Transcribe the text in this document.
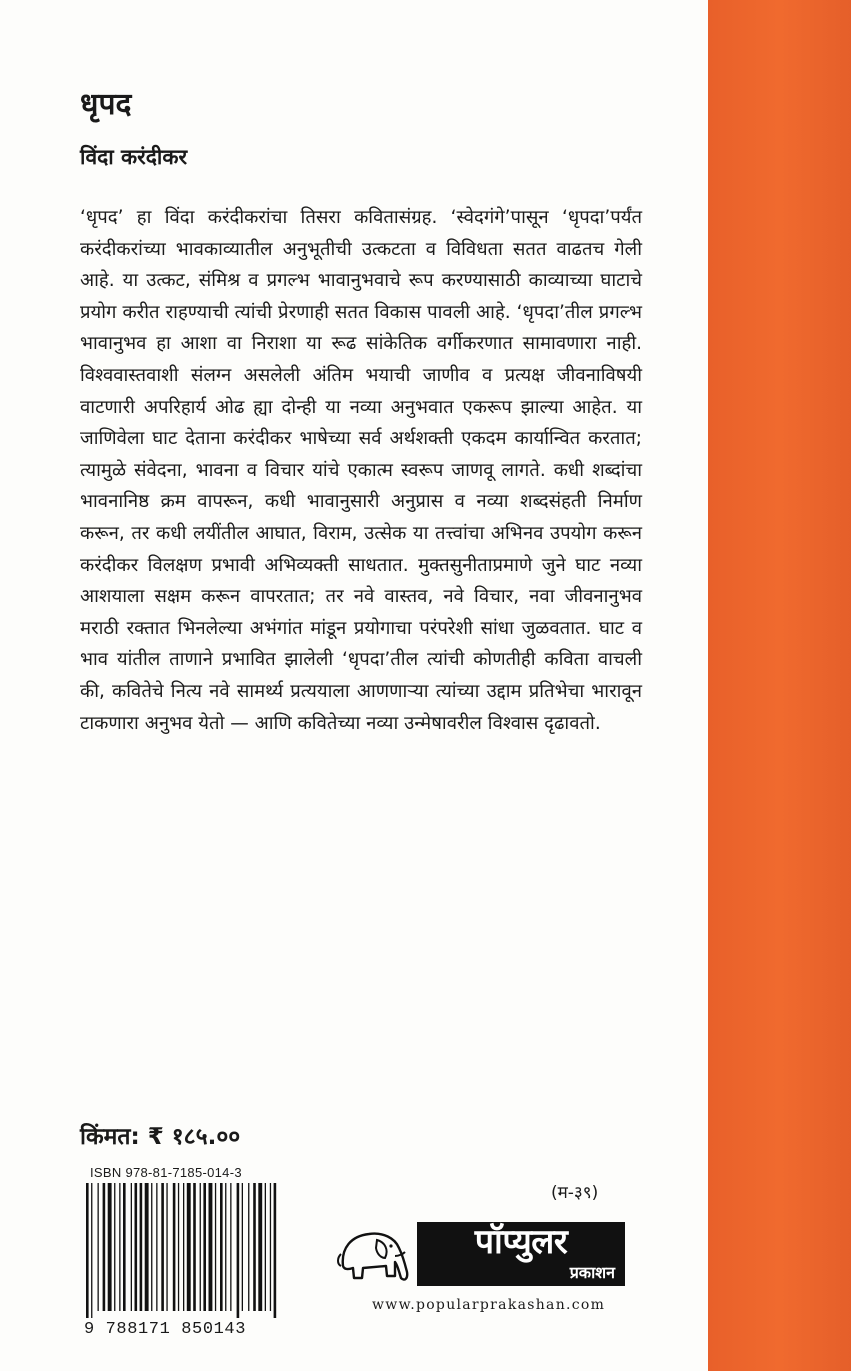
धृपद
विंदा करंदीकर

‘धृपद’ हा विंदा करंदीकरांचा तिसरा कवितासंग्रह. ‘स्वेदगंगे’पासून ‘धृपदा’पर्यंत करंदीकरांच्या भावकाव्यातील अनुभूतीची उत्कटता व विविधता सतत वाढतच गेली आहे. या उत्कट, संमिश्र व प्रगल्भ भावानुभवाचे रूप करण्यासाठी काव्याच्या घाटाचे प्रयोग करीत राहण्याची त्यांची प्रेरणाही सतत विकास पावली आहे. ‘धृपदा’तील प्रगल्भ भावानुभव हा आशा वा निराशा या रूढ सांकेतिक वर्गीकरणात सामावणारा नाही. विश्ववास्तवाशी संलग्न असलेली अंतिम भयाची जाणीव व प्रत्यक्ष जीवनाविषयी वाटणारी अपरिहार्य ओढ ह्या दोन्ही या नव्या अनुभवात एकरूप झाल्या आहेत. या जाणिवेला घाट देताना करंदीकर भाषेच्या सर्व अर्थशक्ती एकदम कार्यान्वित करतात; त्यामुळे संवेदना, भावना व विचार यांचे एकात्म स्वरूप जाणवू लागते. कधी शब्दांचा भावनानिष्ठ क्रम वापरून, कधी भावानुसारी अनुप्रास व नव्या शब्दसंहती निर्माण करून, तर कधी लयींतील आघात, विराम, उत्सेक या तत्त्वांचा अभिनव उपयोग करून करंदीकर विलक्षण प्रभावी अभिव्यक्ती साधतात. मुक्तसुनीताप्रमाणे जुने घाट नव्या आशयाला सक्षम करून वापरतात; तर नवे वास्तव, नवे विचार, नवा जीवनानुभव मराठी रक्तात भिनलेल्या अभंगांत मांडून प्रयोगाचा परंपरेशी सांधा जुळवतात. घाट व भाव यांतील ताणाने प्रभावित झालेली ‘धृपदा’तील त्यांची कोणतीही कविता वाचली की, कवितेचे नित्य नवे सामर्थ्य प्रत्ययाला आणणाऱ्या त्यांच्या उद्दाम प्रतिभेचा भारावून टाकणारा अनुभव येतो — आणि कवितेच्या नव्या उन्मेषावरील विश्वास दृढावतो.

किंमत: ₹ १८५.००
ISBN 978-81-7185-014-3
9 788171 850143
(म-३९)
पॉप्युलर
प्रकाशन
www.popularprakashan.com
